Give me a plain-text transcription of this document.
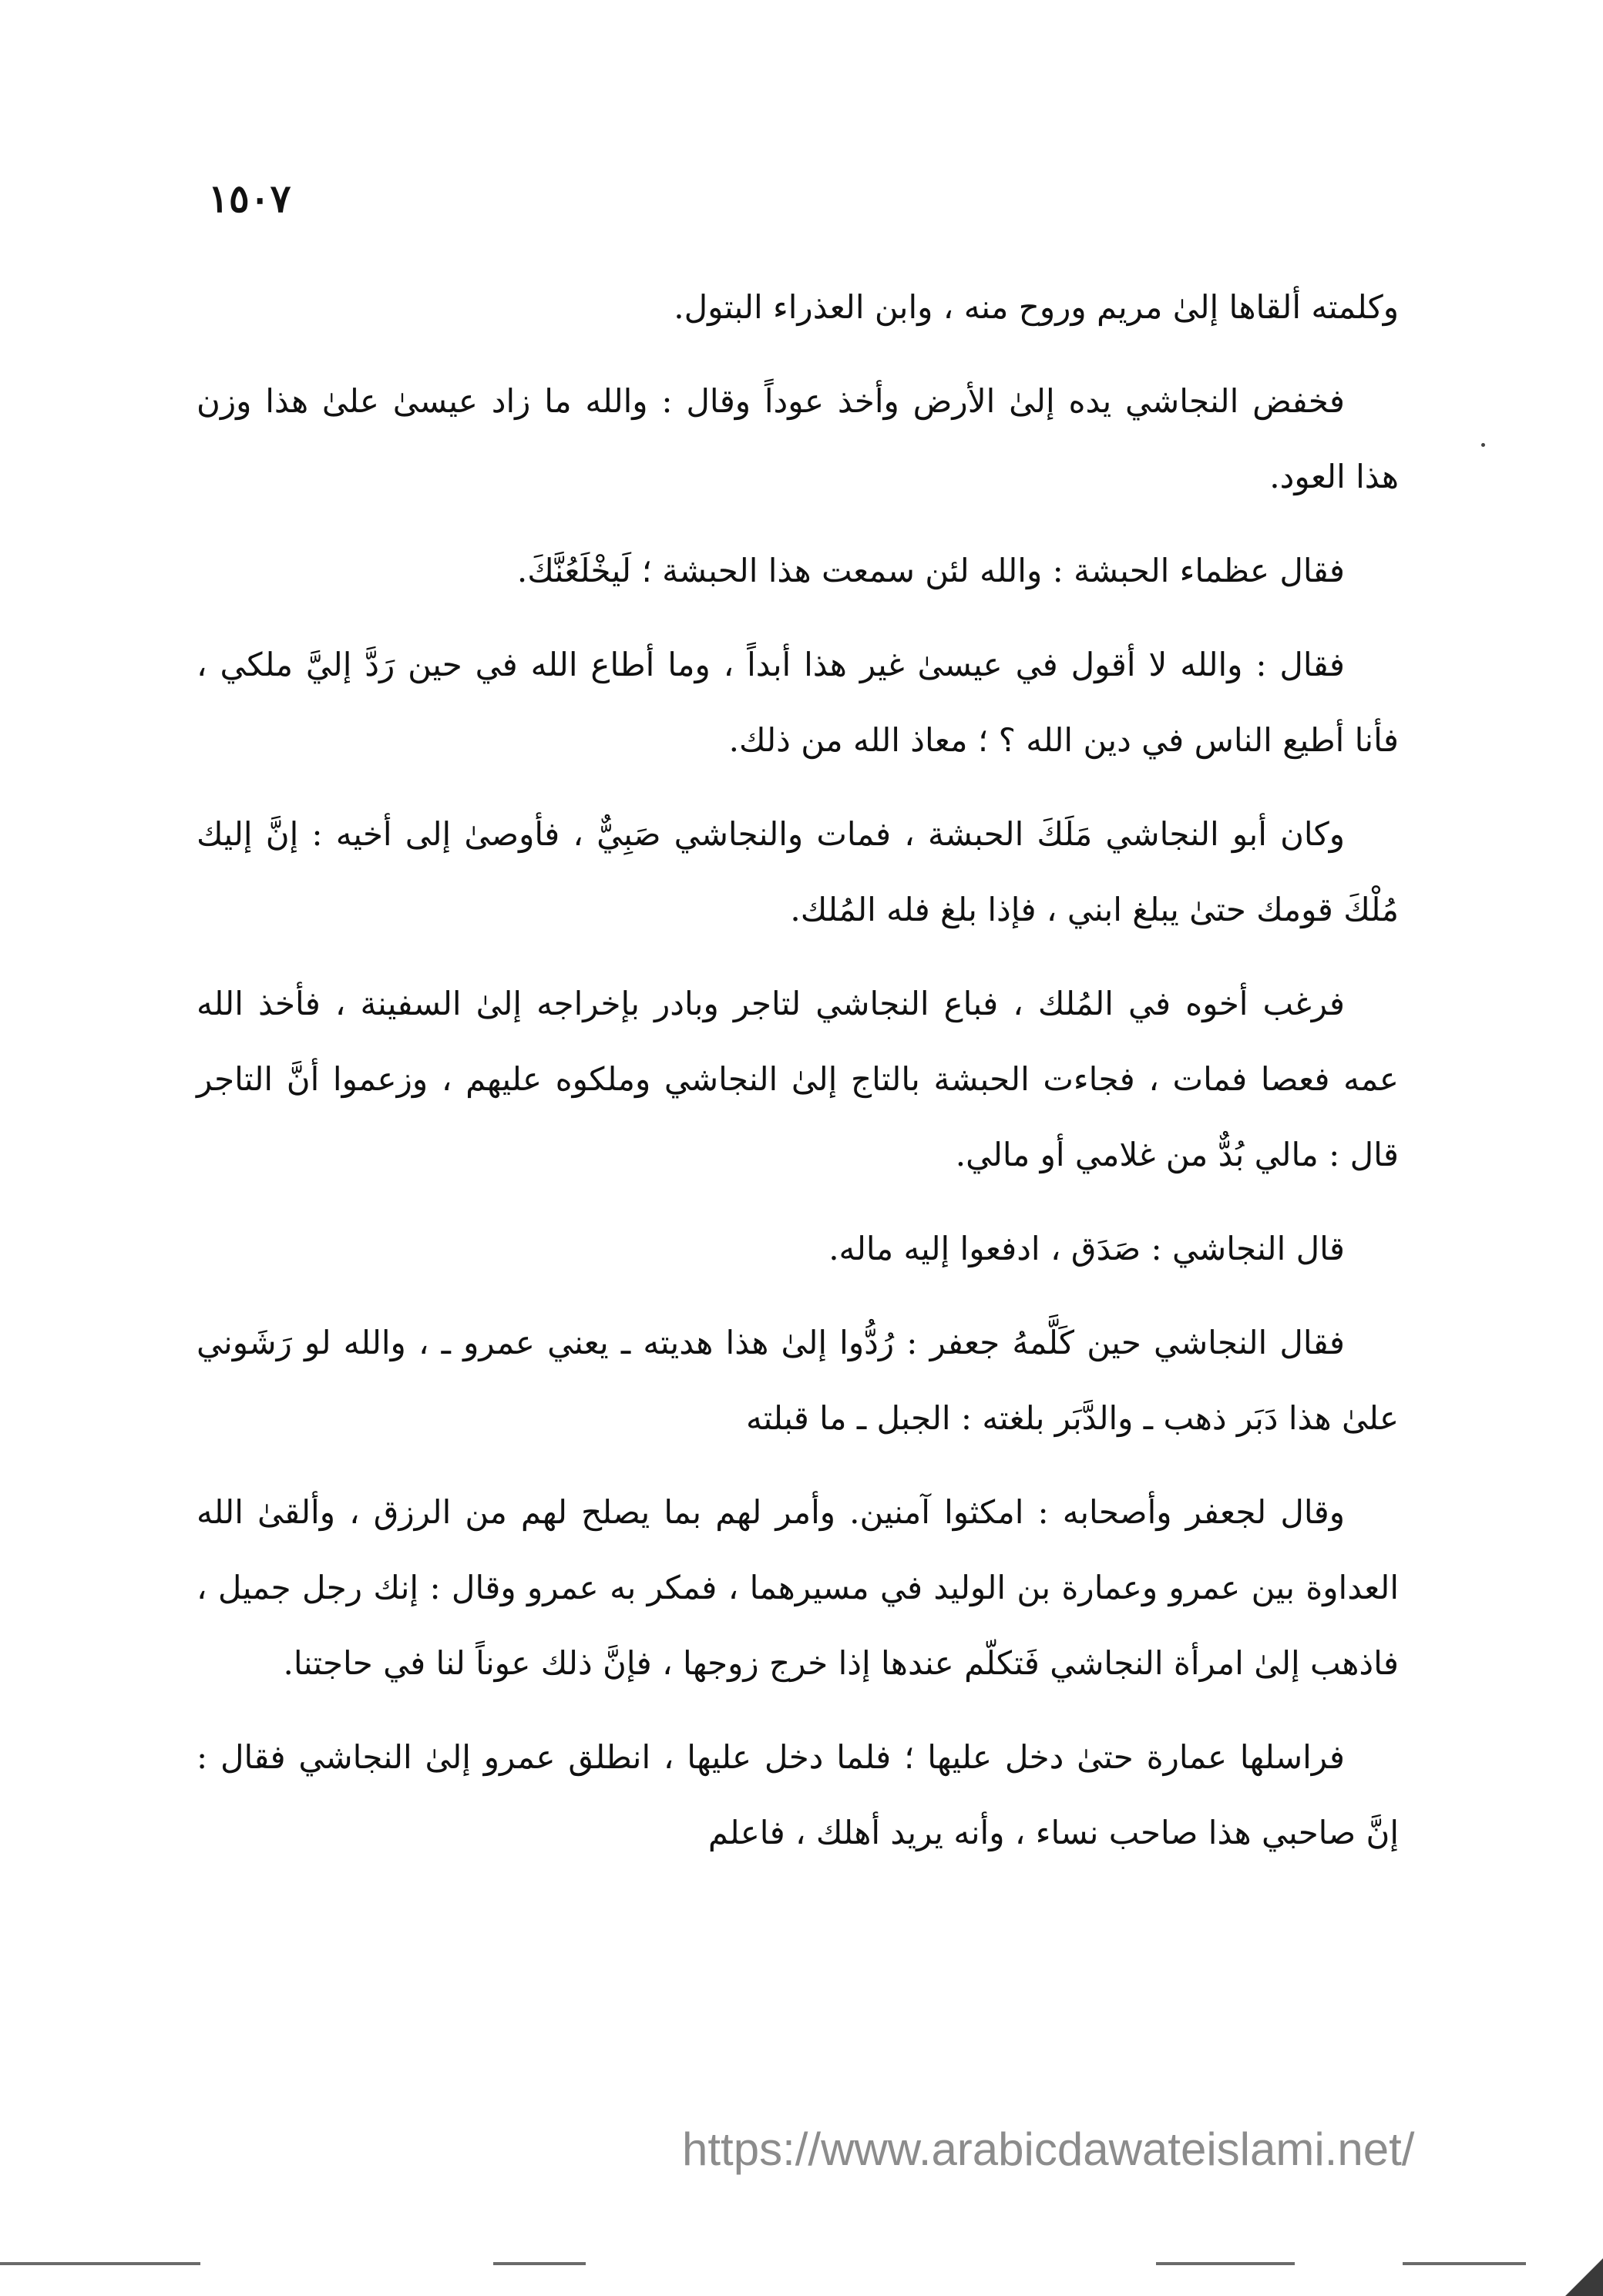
١٥٠٧

وكلمته ألقاها إلىٰ مريم وروح منه ، وابن العذراء البتول.

فخفض النجاشي يده إلىٰ الأرض وأخذ عوداً وقال : والله ما زاد عيسىٰ علىٰ هذا وزن هذا العود.

فقال عظماء الحبشة : والله لئن سمعت هذا الحبشة ؛ لَيخْلَعُنَّكَ.

فقال : والله لا أقول في عيسىٰ غير هذا أبداً ، وما أطاع الله في حين رَدَّ إليَّ ملكي ، فأنا أطيع الناس في دين الله ؟ ؛ معاذ الله من ذلك.

وكان أبو النجاشي مَلَكَ الحبشة ، فمات والنجاشي صَبِيٌّ ، فأوصىٰ إلى أخيه : إنَّ إليك مُلْكَ قومك حتىٰ يبلغ ابني ، فإذا بلغ فله المُلك.

فرغب أخوه في المُلك ، فباع النجاشي لتاجر وبادر بإخراجه إلىٰ السفينة ، فأخذ الله عمه فعصا فمات ، فجاءت الحبشة بالتاج إلىٰ النجاشي وملكوه عليهم ، وزعموا أنَّ التاجر قال : مالي بُدٌّ من غلامي أو مالي.

قال النجاشي : صَدَق ، ادفعوا إليه ماله.

فقال النجاشي حين كَلَّمهُ جعفر : رُدُّوا إلىٰ هذا هديته ـ يعني عمرو ـ ، والله لو رَشَوني علىٰ هذا دَبَر ذهب ـ والدَّبَر بلغته : الجبل ـ ما قبلته

وقال لجعفر وأصحابه : امكثوا آمنين. وأمر لهم بما يصلح لهم من الرزق ، وألقىٰ الله العداوة بين عمرو وعمارة بن الوليد في مسيرهما ، فمكر به عمرو وقال : إنك رجل جميل ، فاذهب إلىٰ امرأة النجاشي فَتكلّم عندها إذا خرج زوجها ، فإنَّ ذلك عوناً لنا في حاجتنا.

فراسلها عمارة حتىٰ دخل عليها ؛ فلما دخل عليها ، انطلق عمرو إلىٰ النجاشي فقال : إنَّ صاحبي هذا صاحب نساء ، وأنه يريد أهلك ، فاعلم

https://www.arabicdawateislami.net/
